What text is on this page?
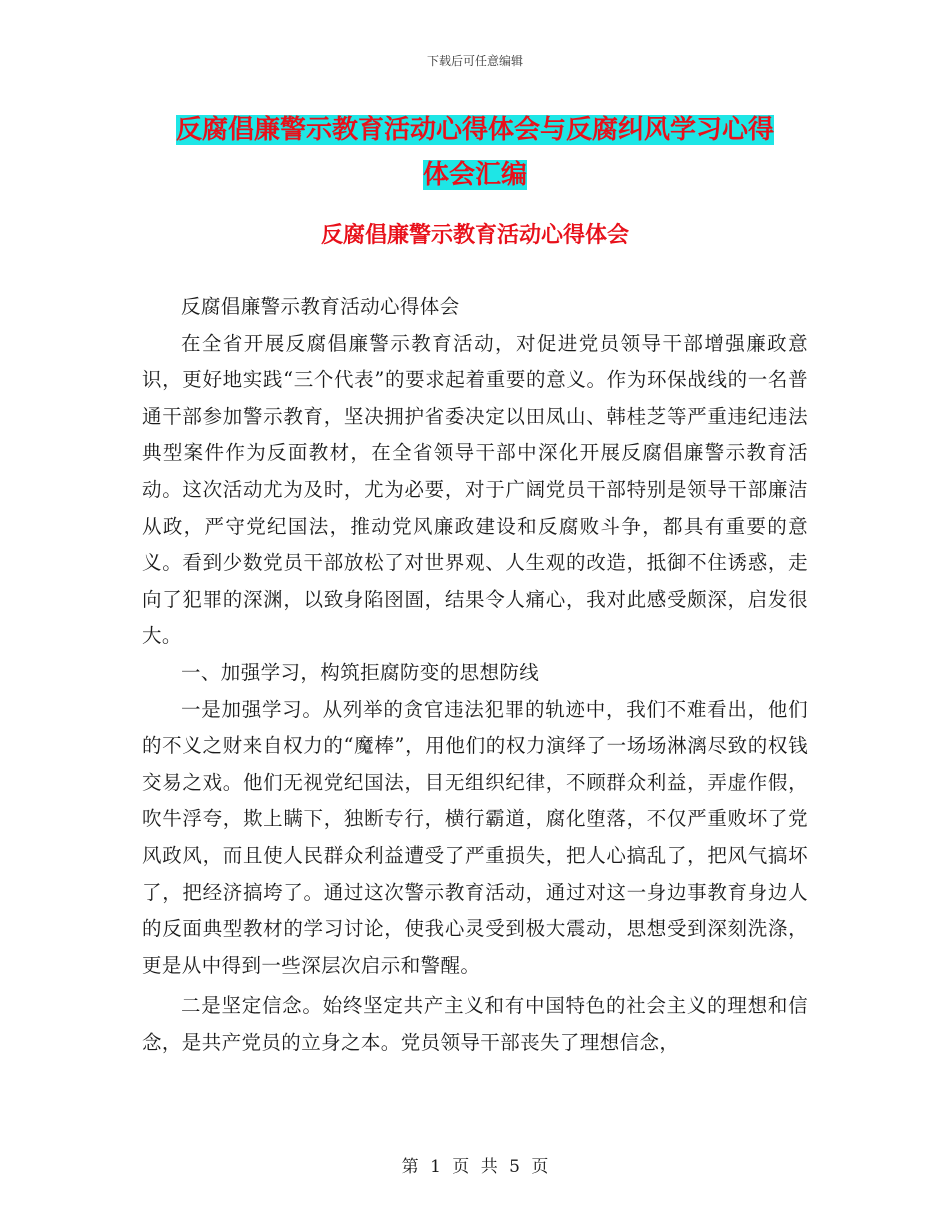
下载后可任意编辑
反腐倡廉警示教育活动心得体会与反腐纠风学习心得
体会汇编
反腐倡廉警示教育活动心得体会

反腐倡廉警示教育活动心得体会

在全省开展反腐倡廉警示教育活动，对促进党员领导干部增强廉政意识，更好地实践“三个代表”的要求起着重要的意义。作为环保战线的一名普通干部参加警示教育，坚决拥护省委决定以田凤山、韩桂芝等严重违纪违法典型案件作为反面教材，在全省领导干部中深化开展反腐倡廉警示教育活动。这次活动尤为及时，尤为必要，对于广阔党员干部特别是领导干部廉洁从政，严守党纪国法，推动党风廉政建设和反腐败斗争，都具有重要的意义。看到少数党员干部放松了对世界观、人生观的改造，抵御不住诱惑，走向了犯罪的深渊，以致身陷囹圄，结果令人痛心，我对此感受颇深，启发很大。

一、加强学习，构筑拒腐防变的思想防线

一是加强学习。从列举的贪官违法犯罪的轨迹中，我们不难看出，他们的不义之财来自权力的“魔棒”，用他们的权力演绎了一场场淋漓尽致的权钱交易之戏。他们无视党纪国法，目无组织纪律，不顾群众利益，弄虚作假，吹牛浮夸，欺上瞒下，独断专行，横行霸道，腐化堕落，不仅严重败坏了党风政风，而且使人民群众利益遭受了严重损失，把人心搞乱了，把风气搞坏了，把经济搞垮了。通过这次警示教育活动，通过对这一身边事教育身边人的反面典型教材的学习讨论，使我心灵受到极大震动，思想受到深刻洗涤，更是从中得到一些深层次启示和警醒。

二是坚定信念。始终坚定共产主义和有中国特色的社会主义的理想和信念，是共产党员的立身之本。党员领导干部丧失了理想信念，

第 1 页 共 5 页
